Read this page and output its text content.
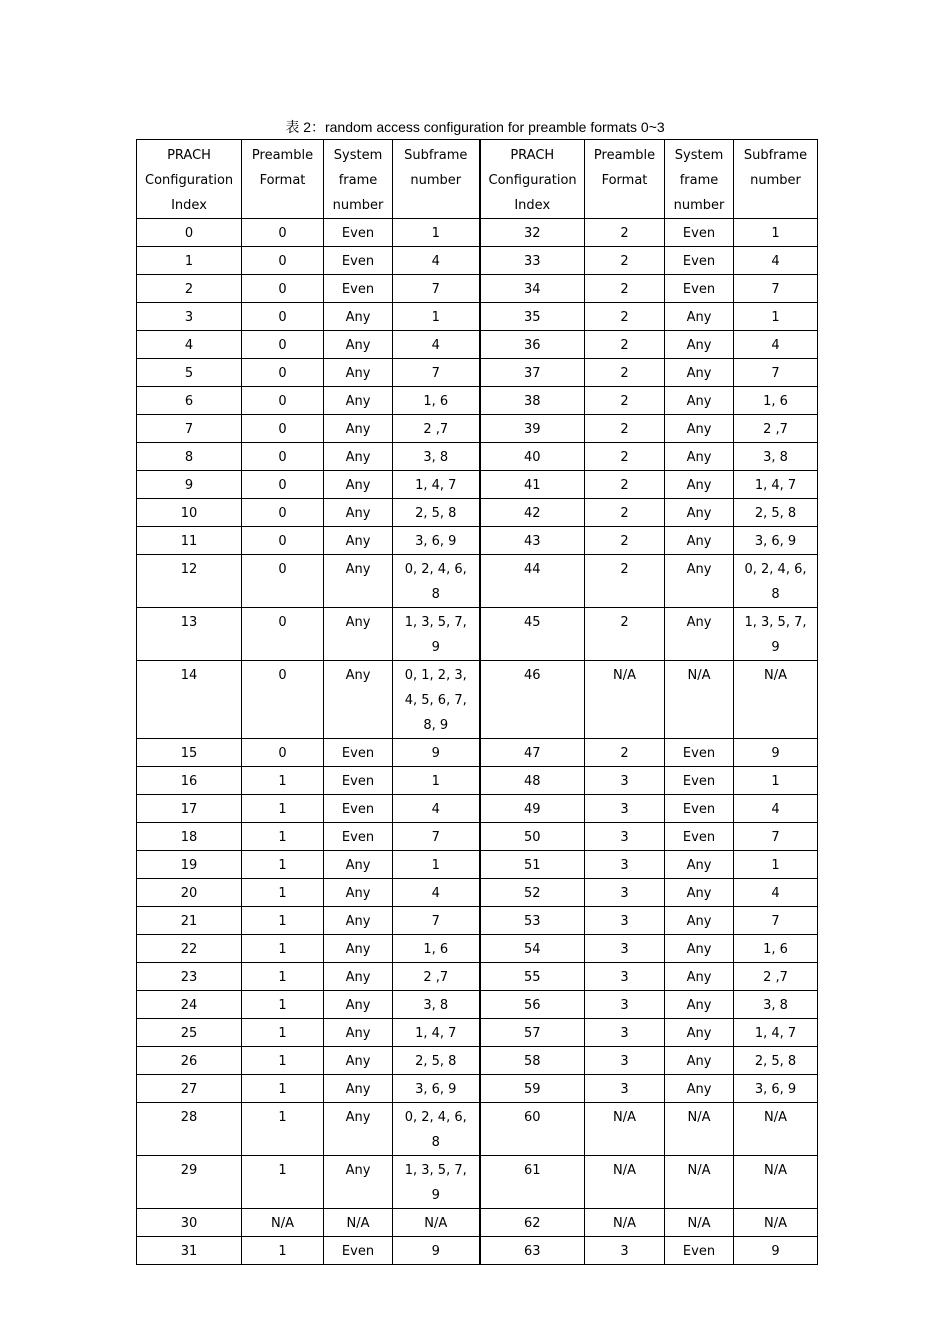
表 2：random access configuration for preamble formats 0~3
PRACH Configuration Index	Preamble Format	System frame number	Subframe number	PRACH Configuration Index	Preamble Format	System frame number	Subframe number
0	0	Even	1	32	2	Even	1
1	0	Even	4	33	2	Even	4
2	0	Even	7	34	2	Even	7
3	0	Any	1	35	2	Any	1
4	0	Any	4	36	2	Any	4
5	0	Any	7	37	2	Any	7
6	0	Any	1, 6	38	2	Any	1, 6
7	0	Any	2 ,7	39	2	Any	2 ,7
8	0	Any	3, 8	40	2	Any	3, 8
9	0	Any	1, 4, 7	41	2	Any	1, 4, 7
10	0	Any	2, 5, 8	42	2	Any	2, 5, 8
11	0	Any	3, 6, 9	43	2	Any	3, 6, 9
12	0	Any	0, 2, 4, 6, 8	44	2	Any	0, 2, 4, 6, 8
13	0	Any	1, 3, 5, 7, 9	45	2	Any	1, 3, 5, 7, 9
14	0	Any	0, 1, 2, 3, 4, 5, 6, 7, 8, 9	46	N/A	N/A	N/A
15	0	Even	9	47	2	Even	9
16	1	Even	1	48	3	Even	1
17	1	Even	4	49	3	Even	4
18	1	Even	7	50	3	Even	7
19	1	Any	1	51	3	Any	1
20	1	Any	4	52	3	Any	4
21	1	Any	7	53	3	Any	7
22	1	Any	1, 6	54	3	Any	1, 6
23	1	Any	2 ,7	55	3	Any	2 ,7
24	1	Any	3, 8	56	3	Any	3, 8
25	1	Any	1, 4, 7	57	3	Any	1, 4, 7
26	1	Any	2, 5, 8	58	3	Any	2, 5, 8
27	1	Any	3, 6, 9	59	3	Any	3, 6, 9
28	1	Any	0, 2, 4, 6, 8	60	N/A	N/A	N/A
29	1	Any	1, 3, 5, 7, 9	61	N/A	N/A	N/A
30	N/A	N/A	N/A	62	N/A	N/A	N/A
31	1	Even	9	63	3	Even	9
